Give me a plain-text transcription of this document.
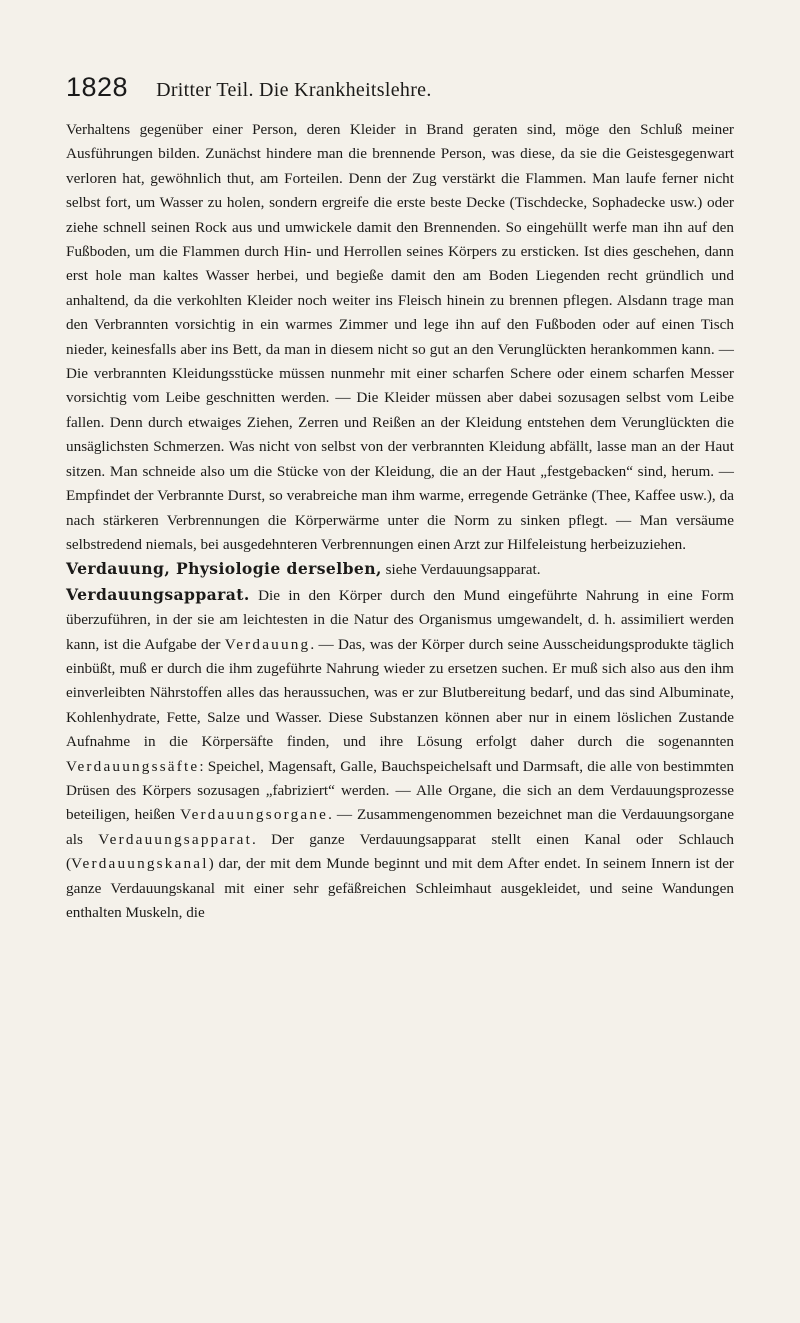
1828 Dritter Teil. Die Krankheitslehre.

Verhaltens gegenüber einer Person, deren Kleider in Brand geraten sind, möge den Schluß meiner Ausführungen bilden. Zunächst hindere man die brennende Person, was diese, da sie die Geistesgegenwart verloren hat, gewöhnlich thut, am Forteilen. Denn der Zug verstärkt die Flammen. Man laufe ferner nicht selbst fort, um Wasser zu holen, sondern ergreife die erste beste Decke (Tischdecke, Sophadecke usw.) oder ziehe schnell seinen Rock aus und umwickele damit den Brennenden. So eingehüllt werfe man ihn auf den Fußboden, um die Flammen durch Hin- und Herrollen seines Körpers zu ersticken. Ist dies geschehen, dann erst hole man kaltes Wasser herbei, und begieße damit den am Boden Liegenden recht gründlich und anhaltend, da die verkohlten Kleider noch weiter ins Fleisch hinein zu brennen pflegen. Alsdann trage man den Verbrannten vorsichtig in ein warmes Zimmer und lege ihn auf den Fußboden oder auf einen Tisch nieder, keinesfalls aber ins Bett, da man in diesem nicht so gut an den Verunglückten herankommen kann. — Die verbrannten Kleidungsstücke müssen nunmehr mit einer scharfen Schere oder einem scharfen Messer vorsichtig vom Leibe geschnitten werden. — Die Kleider müssen aber dabei sozusagen selbst vom Leibe fallen. Denn durch etwaiges Ziehen, Zerren und Reißen an der Kleidung entstehen dem Verunglückten die unsäglichsten Schmerzen. Was nicht von selbst von der verbrannten Kleidung abfällt, lasse man an der Haut sitzen. Man schneide also um die Stücke von der Kleidung, die an der Haut „festgebacken“ sind, herum. — Empfindet der Verbrannte Durst, so verabreiche man ihm warme, erregende Getränke (Thee, Kaffee usw.), da nach stärkeren Verbrennungen die Körperwärme unter die Norm zu sinken pflegt. — Man versäume selbstredend niemals, bei ausgedehnteren Verbrennungen einen Arzt zur Hilfeleistung herbeizuziehen.

Verdauung, Physiologie derselben, siehe Verdauungsapparat.

Verdauungsapparat. Die in den Körper durch den Mund eingeführte Nahrung in eine Form überzuführen, in der sie am leichtesten in die Natur des Organismus umgewandelt, d. h. assimiliert werden kann, ist die Aufgabe der Verdauung. — Das, was der Körper durch seine Ausscheidungsprodukte täglich einbüßt, muß er durch die ihm zugeführte Nahrung wieder zu ersetzen suchen. Er muß sich also aus den ihm einverleibten Nährstoffen alles das heraussuchen, was er zur Blutbereitung bedarf, und das sind Albuminate, Kohlenhydrate, Fette, Salze und Wasser. Diese Substanzen können aber nur in einem löslichen Zustande Aufnahme in die Körpersäfte finden, und ihre Lösung erfolgt daher durch die sogenannten Verdauungssäfte: Speichel, Magensaft, Galle, Bauchspeichelsaft und Darmsaft, die alle von bestimmten Drüsen des Körpers sozusagen „fabriziert“ werden. — Alle Organe, die sich an dem Verdauungsprozesse beteiligen, heißen Verdauungsorgane. — Zusammengenommen bezeichnet man die Verdauungsorgane als Verdauungsapparat. Der ganze Verdauungsapparat stellt einen Kanal oder Schlauch (Verdauungskanal) dar, der mit dem Munde beginnt und mit dem After endet. In seinem Innern ist der ganze Verdauungskanal mit einer sehr gefäßreichen Schleimhaut ausgekleidet, und seine Wandungen enthalten Muskeln, die
